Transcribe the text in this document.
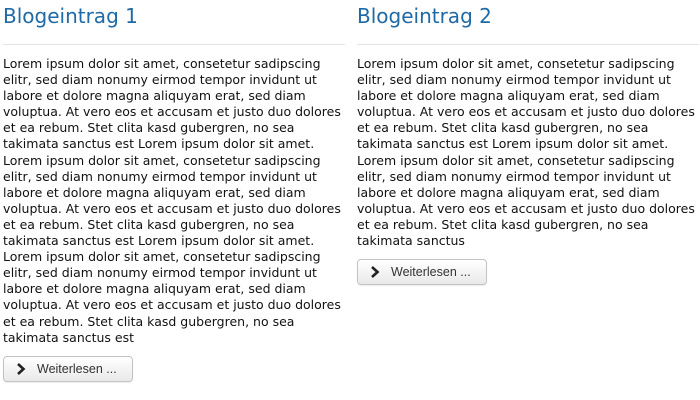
Blogeintrag 1

Lorem ipsum dolor sit amet, consetetur sadipscing elitr, sed diam nonumy eirmod tempor invidunt ut labore et dolore magna aliquyam erat, sed diam voluptua. At vero eos et accusam et justo duo dolores et ea rebum. Stet clita kasd gubergren, no sea takimata sanctus est Lorem ipsum dolor sit amet. Lorem ipsum dolor sit amet, consetetur sadipscing elitr, sed diam nonumy eirmod tempor invidunt ut labore et dolore magna aliquyam erat, sed diam voluptua. At vero eos et accusam et justo duo dolores et ea rebum. Stet clita kasd gubergren, no sea takimata sanctus est Lorem ipsum dolor sit amet. Lorem ipsum dolor sit amet, consetetur sadipscing elitr, sed diam nonumy eirmod tempor invidunt ut labore et dolore magna aliquyam erat, sed diam voluptua. At vero eos et accusam et justo duo dolores et ea rebum. Stet clita kasd gubergren, no sea takimata sanctus est

Weiterlesen ...
Blogeintrag 2

Lorem ipsum dolor sit amet, consetetur sadipscing elitr, sed diam nonumy eirmod tempor invidunt ut labore et dolore magna aliquyam erat, sed diam voluptua. At vero eos et accusam et justo duo dolores et ea rebum. Stet clita kasd gubergren, no sea takimata sanctus est Lorem ipsum dolor sit amet. Lorem ipsum dolor sit amet, consetetur sadipscing elitr, sed diam nonumy eirmod tempor invidunt ut labore et dolore magna aliquyam erat, sed diam voluptua. At vero eos et accusam et justo duo dolores et ea rebum. Stet clita kasd gubergren, no sea takimata sanctus

Weiterlesen ...
